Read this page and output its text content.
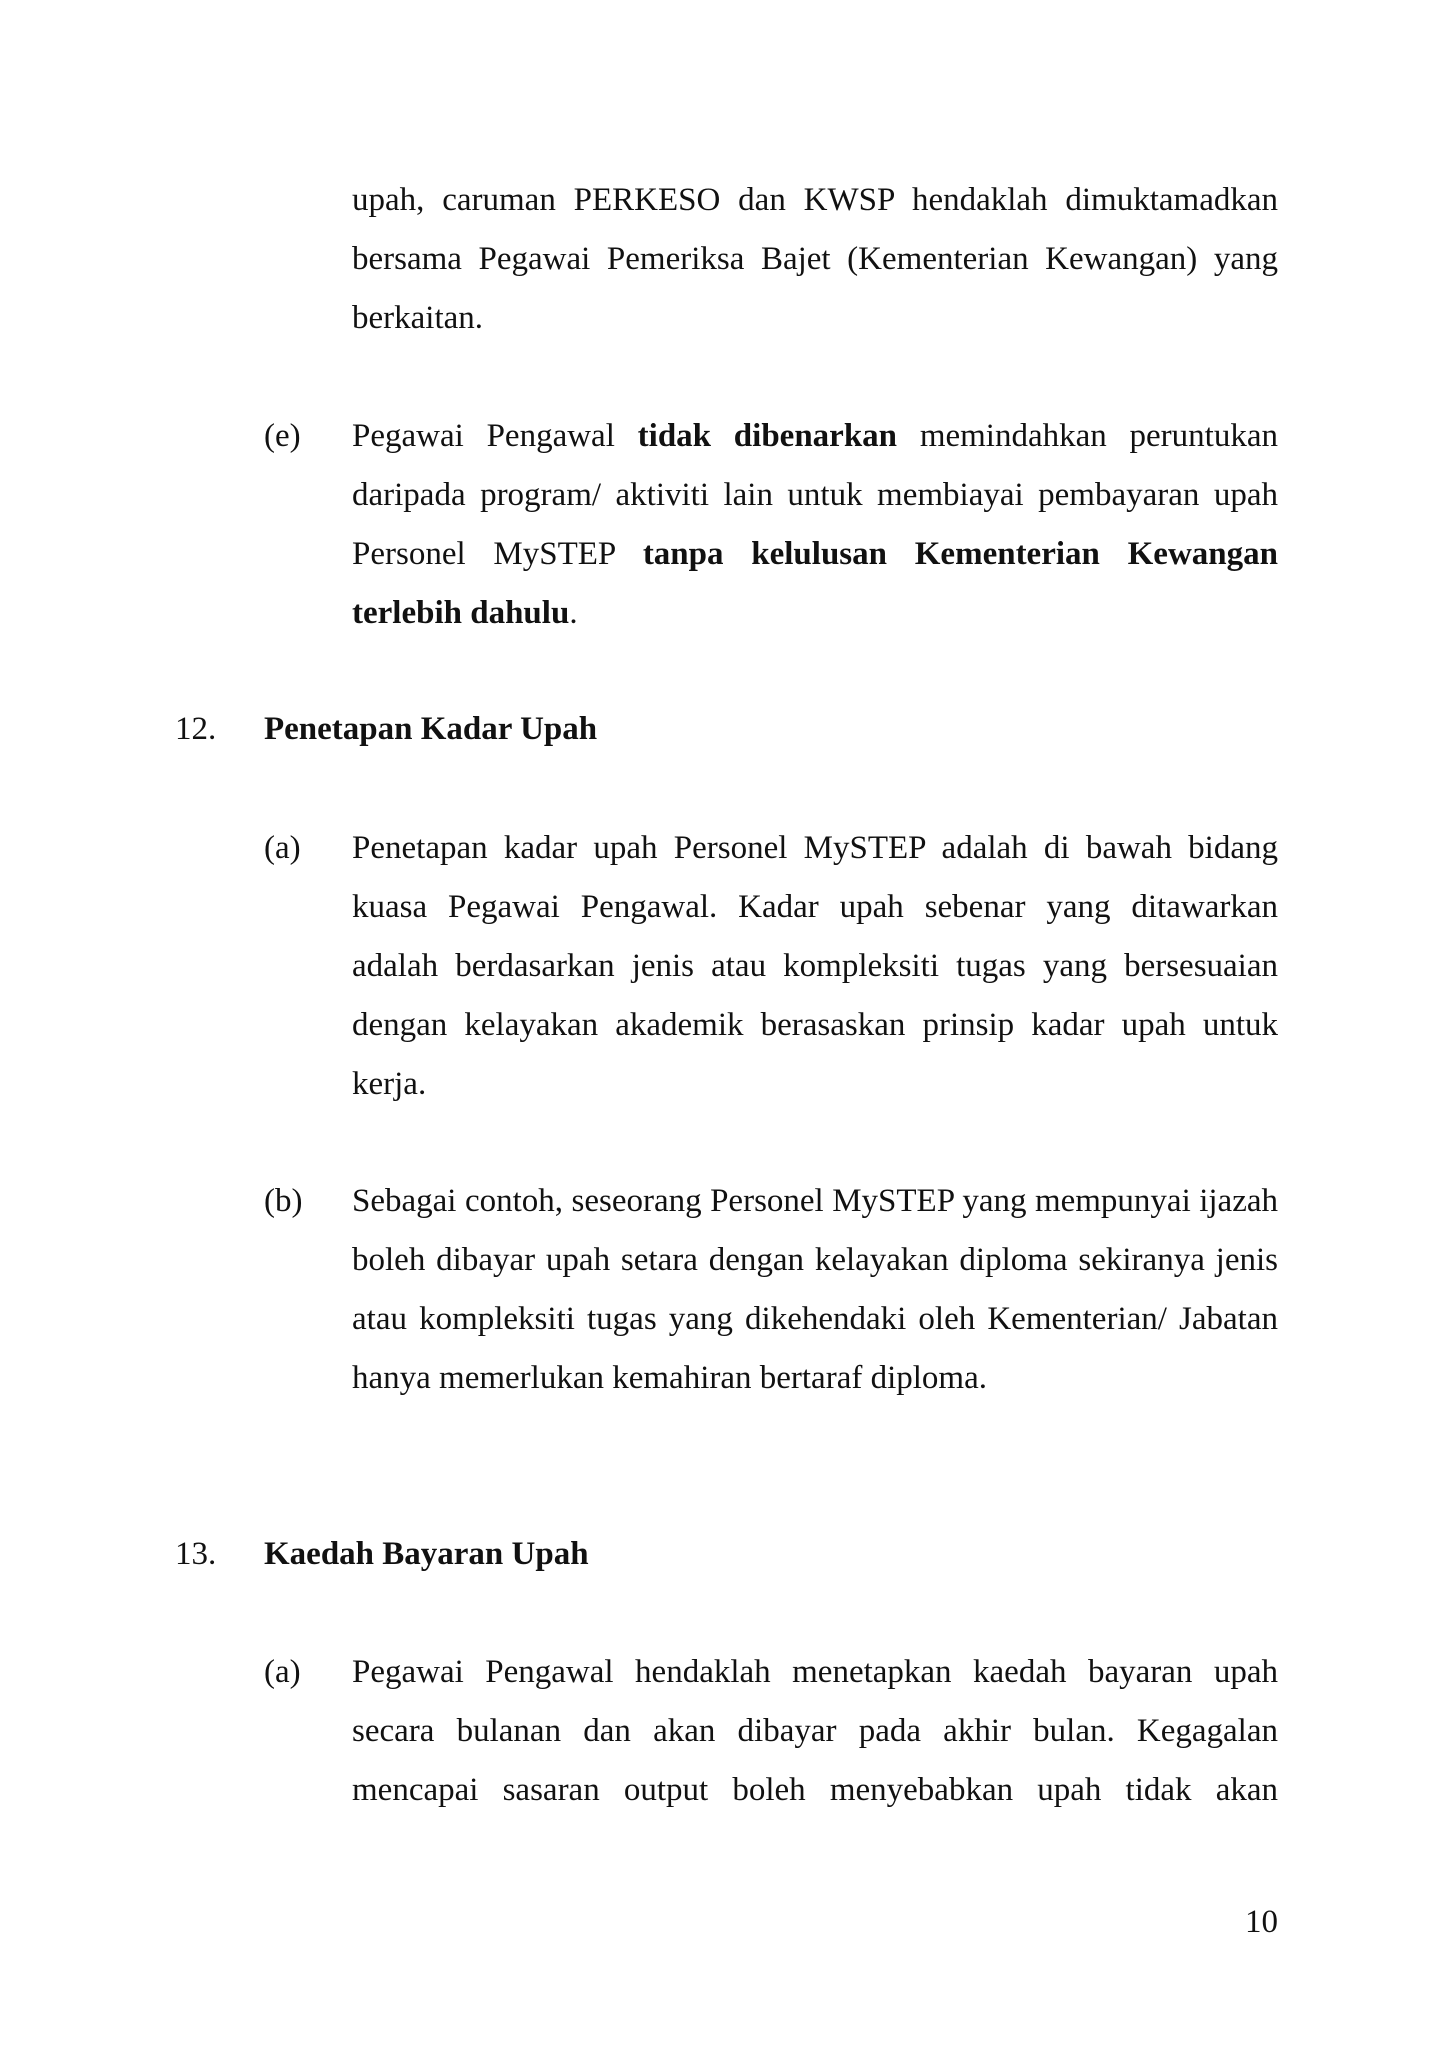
upah, caruman PERKESO dan KWSP hendaklah dimuktamadkan bersama Pegawai Pemeriksa Bajet (Kementerian Kewangan) yang berkaitan.

(e) Pegawai Pengawal tidak dibenarkan memindahkan peruntukan daripada program/ aktiviti lain untuk membiayai pembayaran upah Personel MySTEP tanpa kelulusan Kementerian Kewangan terlebih dahulu.

12. Penetapan Kadar Upah

(a) Penetapan kadar upah Personel MySTEP adalah di bawah bidang kuasa Pegawai Pengawal. Kadar upah sebenar yang ditawarkan adalah berdasarkan jenis atau kompleksiti tugas yang bersesuaian dengan kelayakan akademik berasaskan prinsip kadar upah untuk kerja.

(b) Sebagai contoh, seseorang Personel MySTEP yang mempunyai ijazah boleh dibayar upah setara dengan kelayakan diploma sekiranya jenis atau kompleksiti tugas yang dikehendaki oleh Kementerian/ Jabatan hanya memerlukan kemahiran bertaraf diploma.

13. Kaedah Bayaran Upah

(a) Pegawai Pengawal hendaklah menetapkan kaedah bayaran upah secara bulanan dan akan dibayar pada akhir bulan. Kegagalan mencapai sasaran output boleh menyebabkan upah tidak akan

10
